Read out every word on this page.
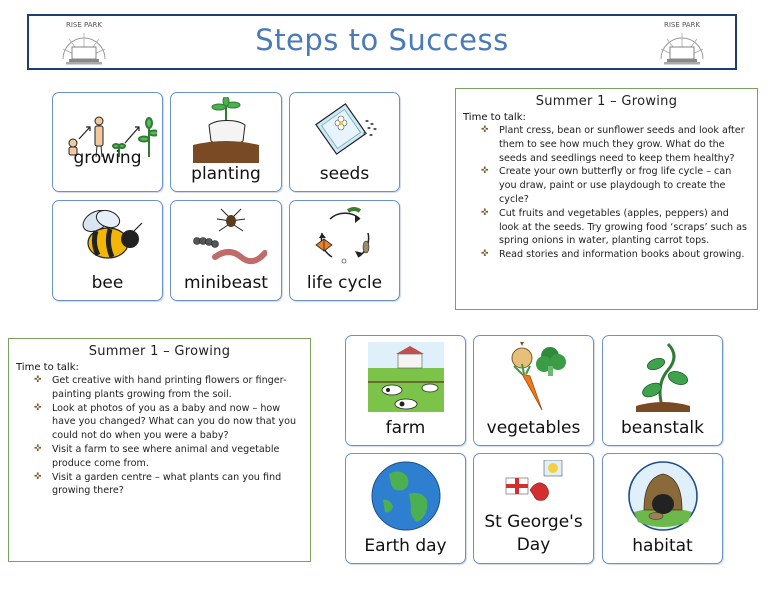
RISE PARK	Steps to Success	RISE PARK
growing
planting	seeds
bee	minibeast	life cycle
Summer 1 – Growing
Time to talk:
✜ Plant cress, bean or sunflower seeds and look after them to see how much they grow. What do the seeds and seedlings need to keep them healthy?
✜ Create your own butterfly or frog life cycle – can you draw, paint or use playdough to create the cycle?
✜ Cut fruits and vegetables (apples, peppers) and look at the seeds. Try growing food ‘scraps’ such as spring onions in water, planting carrot tops.
✜ Read stories and information books about growing.
Summer 1 – Growing
Time to talk:
✜ Get creative with hand printing flowers or finger-painting plants growing from the soil.
✜ Look at photos of you as a baby and now – how have you changed? What can you do now that you could not do when you were a baby?
✜ Visit a farm to see where animal and vegetable produce come from.
✜ Visit a garden centre – what plants can you find growing there?
farm	vegetables	beanstalk
Earth day
St George's
Day	habitat
